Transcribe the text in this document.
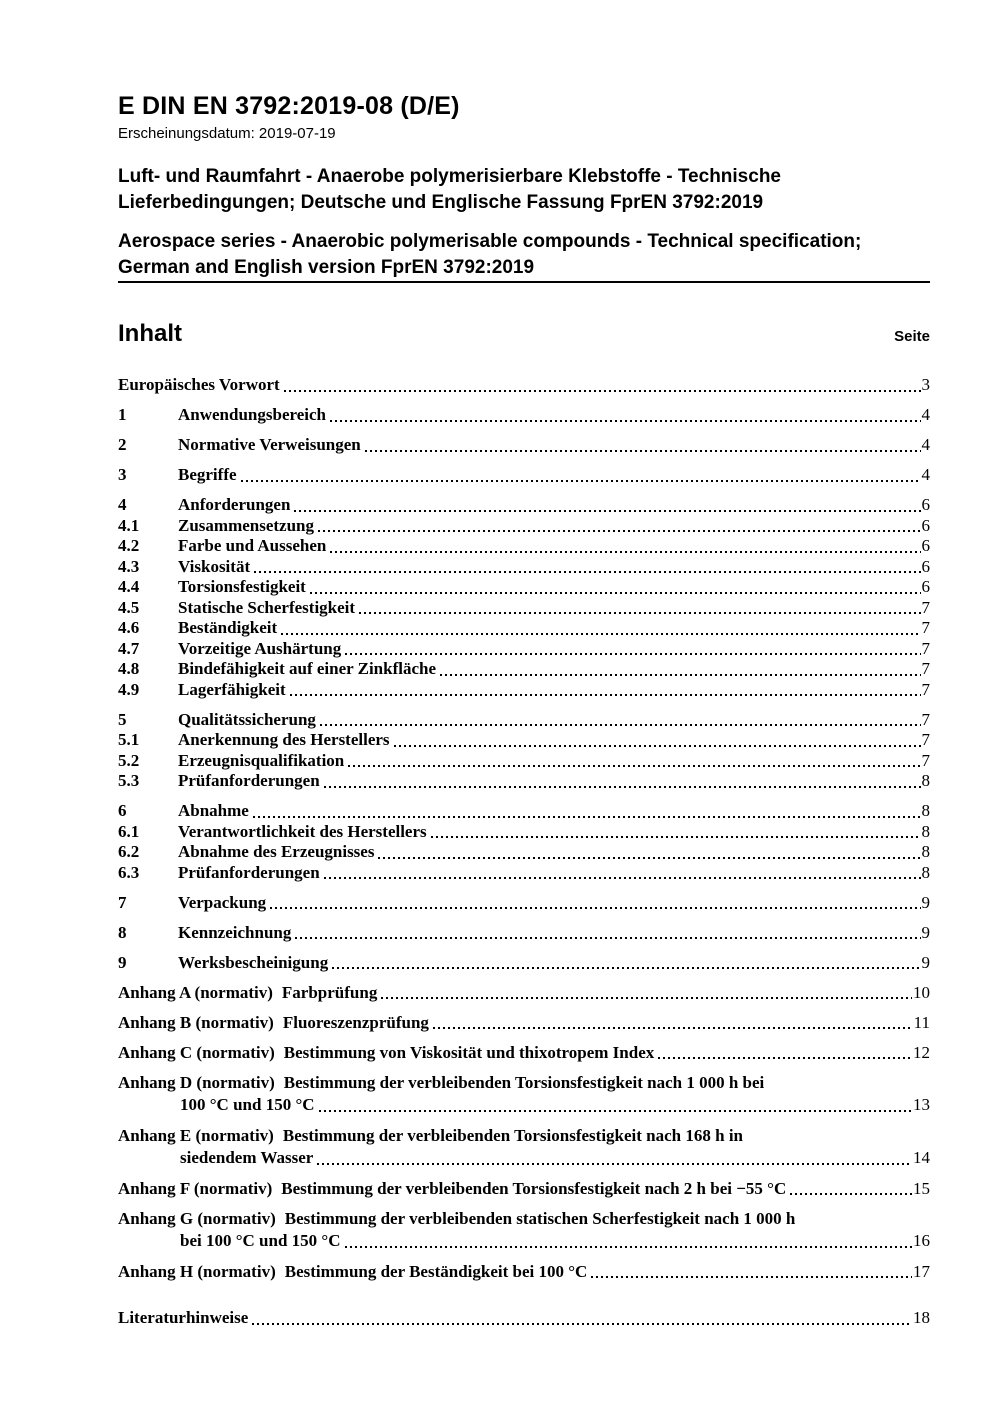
E DIN EN 3792:2019-08 (D/E)
Erscheinungsdatum: 2019-07-19
Luft- und Raumfahrt - Anaerobe polymerisierbare Klebstoffe - Technische
Lieferbedingungen; Deutsche und Englische Fassung FprEN 3792:2019
Aerospace series - Anaerobic polymerisable compounds - Technical specification;
German and English version FprEN 3792:2019
Inhalt	Seite
Europäisches Vorwort	3
1	Anwendungsbereich	4
2	Normative Verweisungen	4
3	Begriffe	4
4	Anforderungen	6
4.1	Zusammensetzung	6
4.2	Farbe und Aussehen	6
4.3	Viskosität	6
4.4	Torsionsfestigkeit	6
4.5	Statische Scherfestigkeit	7
4.6	Beständigkeit	7
4.7	Vorzeitige Aushärtung	7
4.8	Bindefähigkeit auf einer Zinkfläche	7
4.9	Lagerfähigkeit	7
5	Qualitätssicherung	7
5.1	Anerkennung des Herstellers	7
5.2	Erzeugnisqualifikation	7
5.3	Prüfanforderungen	8
6	Abnahme	8
6.1	Verantwortlichkeit des Herstellers	8
6.2	Abnahme des Erzeugnisses	8
6.3	Prüfanforderungen	8
7	Verpackung	9
8	Kennzeichnung	9
9	Werksbescheinigung	9
Anhang A (normativ) Farbprüfung	10
Anhang B (normativ) Fluoreszenzprüfung	11
Anhang C (normativ) Bestimmung von Viskosität und thixotropem Index	12
Anhang D (normativ) Bestimmung der verbleibenden Torsionsfestigkeit nach 1 000 h bei
100 °C und 150 °C	13
Anhang E (normativ) Bestimmung der verbleibenden Torsionsfestigkeit nach 168 h in
siedendem Wasser	14
Anhang F (normativ) Bestimmung der verbleibenden Torsionsfestigkeit nach 2 h bei −55 °C	15
Anhang G (normativ) Bestimmung der verbleibenden statischen Scherfestigkeit nach 1 000 h
bei 100 °C und 150 °C	16
Anhang H (normativ) Bestimmung der Beständigkeit bei 100 °C	17
Literaturhinweise	18
